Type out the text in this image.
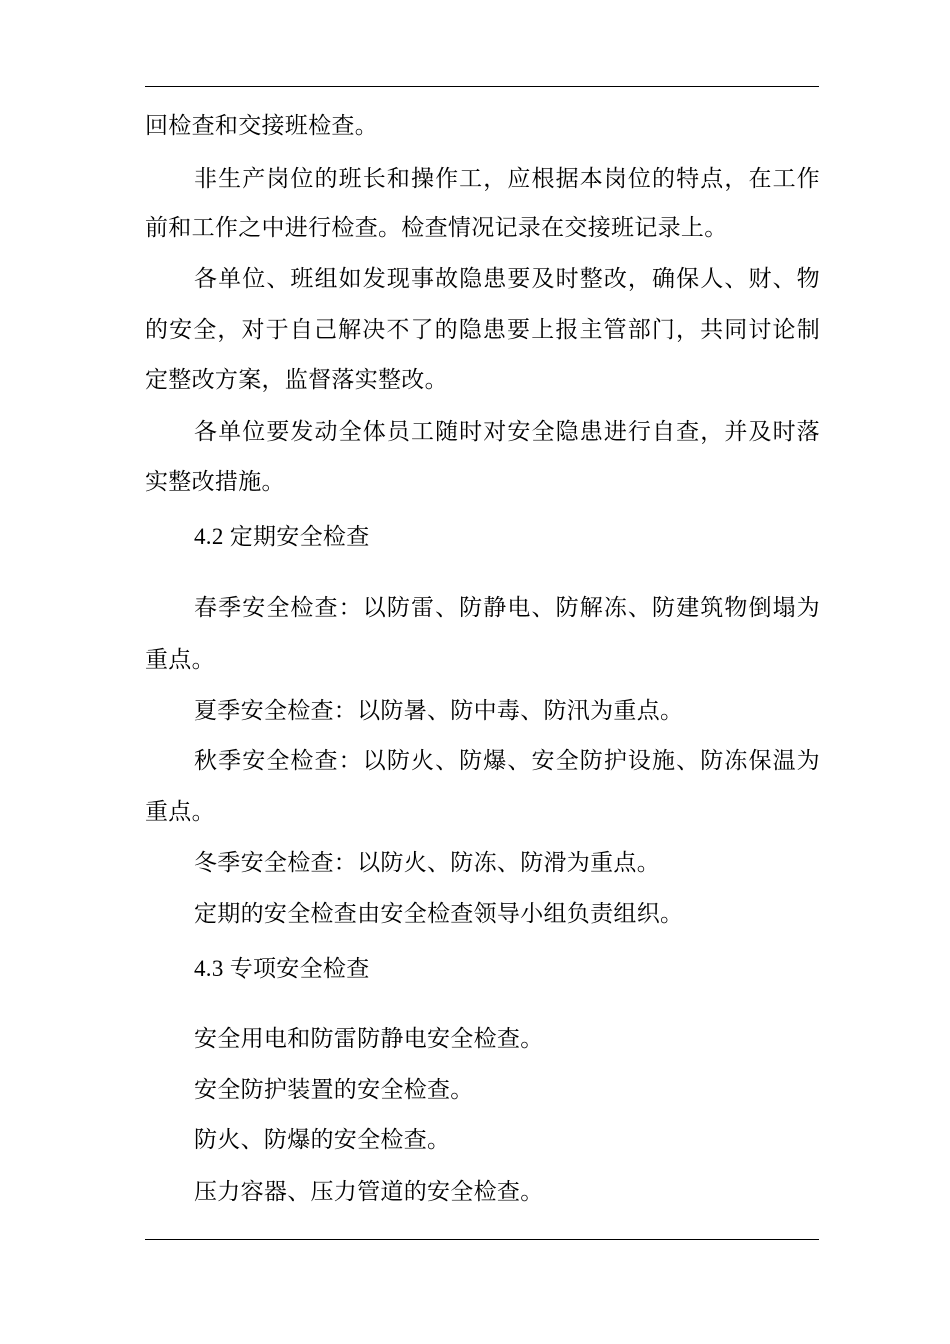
回检查和交接班检查。
非生产岗位的班长和操作工，应根据本岗位的特点，在工作
前和工作之中进行检查。检查情况记录在交接班记录上。
各单位、班组如发现事故隐患要及时整改，确保人、财、物
的安全，对于自己解决不了的隐患要上报主管部门，共同讨论制
定整改方案，监督落实整改。
各单位要发动全体员工随时对安全隐患进行自查，并及时落
实整改措施。
4.2 定期安全检查
春季安全检查：以防雷、防静电、防解冻、防建筑物倒塌为
重点。
夏季安全检查：以防暑、防中毒、防汛为重点。
秋季安全检查：以防火、防爆、安全防护设施、防冻保温为
重点。
冬季安全检查：以防火、防冻、防滑为重点。
定期的安全检查由安全检查领导小组负责组织。
4.3 专项安全检查
安全用电和防雷防静电安全检查。
安全防护装置的安全检查。
防火、防爆的安全检查。
压力容器、压力管道的安全检查。
